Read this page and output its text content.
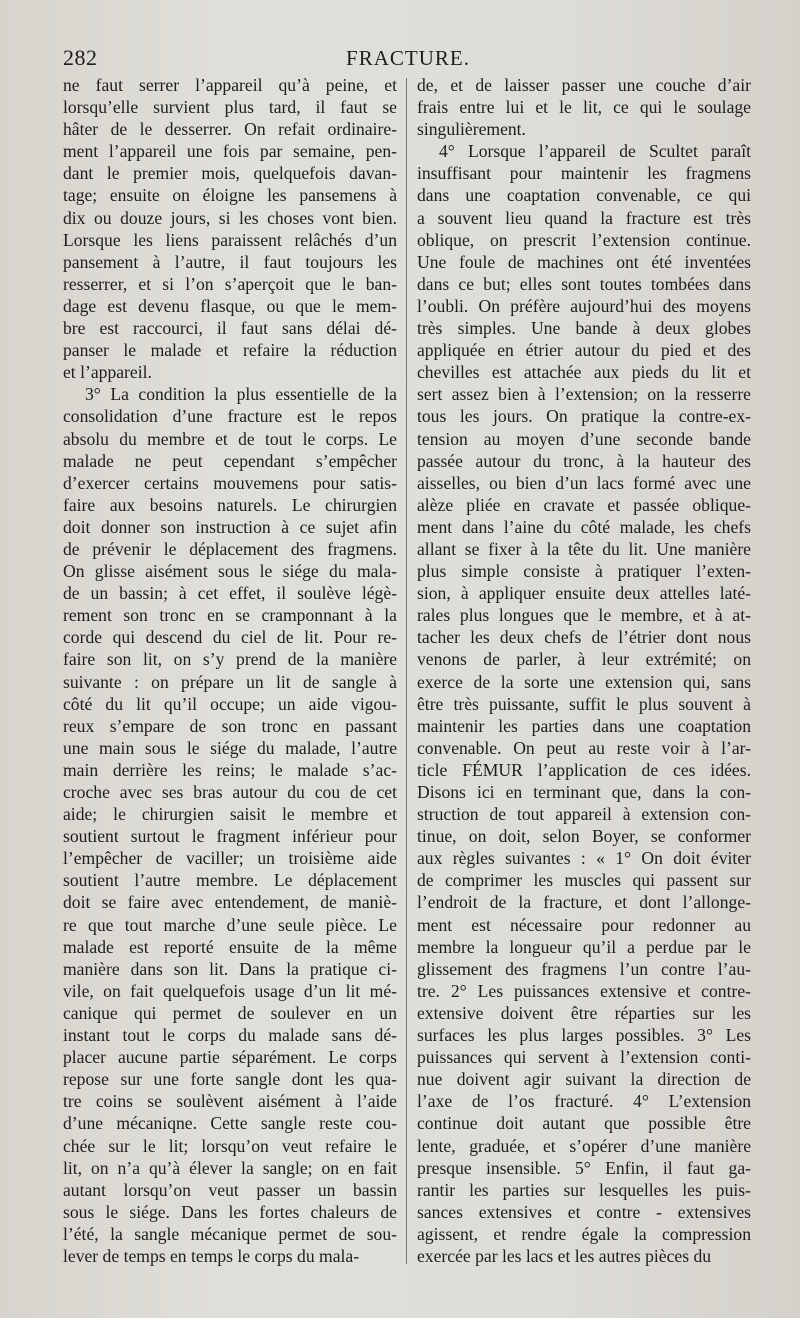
282	FRACTURE.
ne faut serrer l’appareil qu’à peine, et
lorsqu’elle survient plus tard, il faut se
hâter de le desserrer. On refait ordinaire-
ment l’appareil une fois par semaine, pen-
dant le premier mois, quelquefois davan-
tage; ensuite on éloigne les pansemens à
dix ou douze jours, si les choses vont bien.
Lorsque les liens paraissent relâchés d’un
pansement à l’autre, il faut toujours les
resserrer, et si l’on s’aperçoit que le ban-
dage est devenu flasque, ou que le mem-
bre est raccourci, il faut sans délai dé-
panser le malade et refaire la réduction
et l’appareil.
3° La condition la plus essentielle de la
consolidation d’une fracture est le repos
absolu du membre et de tout le corps. Le
malade ne peut cependant s’empêcher
d’exercer certains mouvemens pour satis-
faire aux besoins naturels. Le chirurgien
doit donner son instruction à ce sujet afin
de prévenir le déplacement des fragmens.
On glisse aisément sous le siége du mala-
de un bassin; à cet effet, il soulève légè-
rement son tronc en se cramponnant à la
corde qui descend du ciel de lit. Pour re-
faire son lit, on s’y prend de la manière
suivante : on prépare un lit de sangle à
côté du lit qu’il occupe; un aide vigou-
reux s’empare de son tronc en passant
une main sous le siége du malade, l’autre
main derrière les reins; le malade s’ac-
croche avec ses bras autour du cou de cet
aide; le chirurgien saisit le membre et
soutient surtout le fragment inférieur pour
l’empêcher de vaciller; un troisième aide
soutient l’autre membre. Le déplacement
doit se faire avec entendement, de maniè-
re que tout marche d’une seule pièce. Le
malade est reporté ensuite de la même
manière dans son lit. Dans la pratique ci-
vile, on fait quelquefois usage d’un lit mé-
canique qui permet de soulever en un
instant tout le corps du malade sans dé-
placer aucune partie séparément. Le corps
repose sur une forte sangle dont les qua-
tre coins se soulèvent aisément à l’aide
d’une mécaniqne. Cette sangle reste cou-
chée sur le lit; lorsqu’on veut refaire le
lit, on n’a qu’à élever la sangle; on en fait
autant lorsqu’on veut passer un bassin
sous le siége. Dans les fortes chaleurs de
l’été, la sangle mécanique permet de sou-
lever de temps en temps le corps du mala-
de, et de laisser passer une couche d’air
frais entre lui et le lit, ce qui le soulage
singulièrement.
4° Lorsque l’appareil de Scultet paraît
insuffisant pour maintenir les fragmens
dans une coaptation convenable, ce qui
a souvent lieu quand la fracture est très
oblique, on prescrit l’extension continue.
Une foule de machines ont été inventées
dans ce but; elles sont toutes tombées dans
l’oubli. On préfère aujourd’hui des moyens
très simples. Une bande à deux globes
appliquée en étrier autour du pied et des
chevilles est attachée aux pieds du lit et
sert assez bien à l’extension; on la resserre
tous les jours. On pratique la contre-ex-
tension au moyen d’une seconde bande
passée autour du tronc, à la hauteur des
aisselles, ou bien d’un lacs formé avec une
alèze pliée en cravate et passée oblique-
ment dans l’aine du côté malade, les chefs
allant se fixer à la tête du lit. Une manière
plus simple consiste à pratiquer l’exten-
sion, à appliquer ensuite deux attelles laté-
rales plus longues que le membre, et à at-
tacher les deux chefs de l’étrier dont nous
venons de parler, à leur extrémité; on
exerce de la sorte une extension qui, sans
être très puissante, suffit le plus souvent à
maintenir les parties dans une coaptation
convenable. On peut au reste voir à l’ar-
ticle FÉMUR l’application de ces idées.
Disons ici en terminant que, dans la con-
struction de tout appareil à extension con-
tinue, on doit, selon Boyer, se conformer
aux règles suivantes : « 1° On doit éviter
de comprimer les muscles qui passent sur
l’endroit de la fracture, et dont l’allonge-
ment est nécessaire pour redonner au
membre la longueur qu’il a perdue par le
glissement des fragmens l’un contre l’au-
tre. 2° Les puissances extensive et contre-
extensive doivent être réparties sur les
surfaces les plus larges possibles. 3° Les
puissances qui servent à l’extension conti-
nue doivent agir suivant la direction de
l’axe de l’os fracturé. 4° L’extension
continue doit autant que possible être
lente, graduée, et s’opérer d’une manière
presque insensible. 5° Enfin, il faut ga-
rantir les parties sur lesquelles les puis-
sances extensives et contre - extensives
agissent, et rendre égale la compression
exercée par les lacs et les autres pièces du
